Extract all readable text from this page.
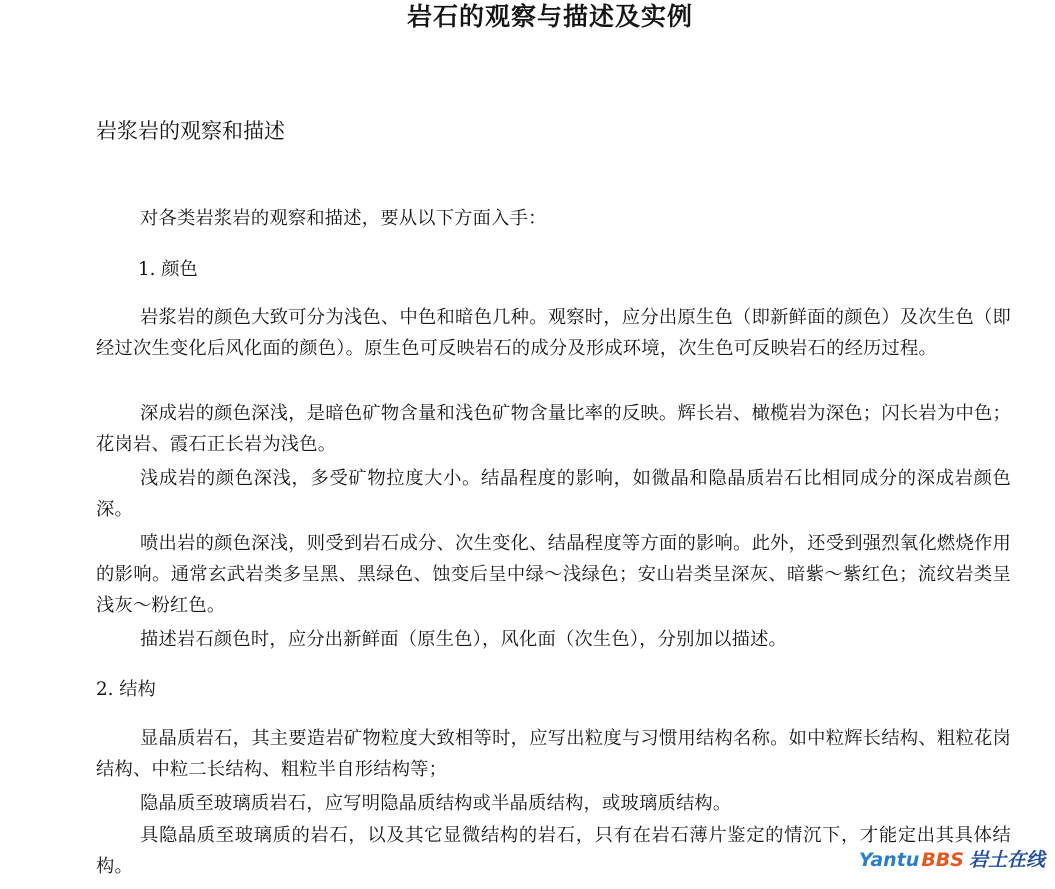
岩石的观察与描述及实例
岩浆岩的观察和描述

对各类岩浆岩的观察和描述，要从以下方面入手：

1. 颜色

岩浆岩的颜色大致可分为浅色、中色和暗色几种。观察时，应分出原生色（即新鲜面的颜色）及次生色（即经过次生变化后风化面的颜色）。原生色可反映岩石的成分及形成环境，次生色可反映岩石的经历过程。

深成岩的颜色深浅，是暗色矿物含量和浅色矿物含量比率的反映。辉长岩、橄榄岩为深色；闪长岩为中色；花岗岩、霞石正长岩为浅色。

浅成岩的颜色深浅，多受矿物拉度大小。结晶程度的影响，如微晶和隐晶质岩石比相同成分的深成岩颜色深。

喷出岩的颜色深浅，则受到岩石成分、次生变化、结晶程度等方面的影响。此外，还受到强烈氧化燃烧作用的影响。通常玄武岩类多呈黑、黑绿色、蚀变后呈中绿～浅绿色；安山岩类呈深灰、暗紫～紫红色；流纹岩类呈浅灰～粉红色。

描述岩石颜色时，应分出新鲜面（原生色），风化面（次生色），分别加以描述。

2. 结构

显晶质岩石，其主要造岩矿物粒度大致相等时，应写出粒度与习惯用结构名称。如中粒辉长结构、粗粒花岗结构、中粒二长结构、粗粒半自形结构等；

隐晶质至玻璃质岩石，应写明隐晶质结构或半晶质结构，或玻璃质结构。

具隐晶质至玻璃质的岩石，以及其它显微结构的岩石，只有在岩石薄片鉴定的情沉下，才能定出其具体结构。	Yantu BBS 岩土在线
